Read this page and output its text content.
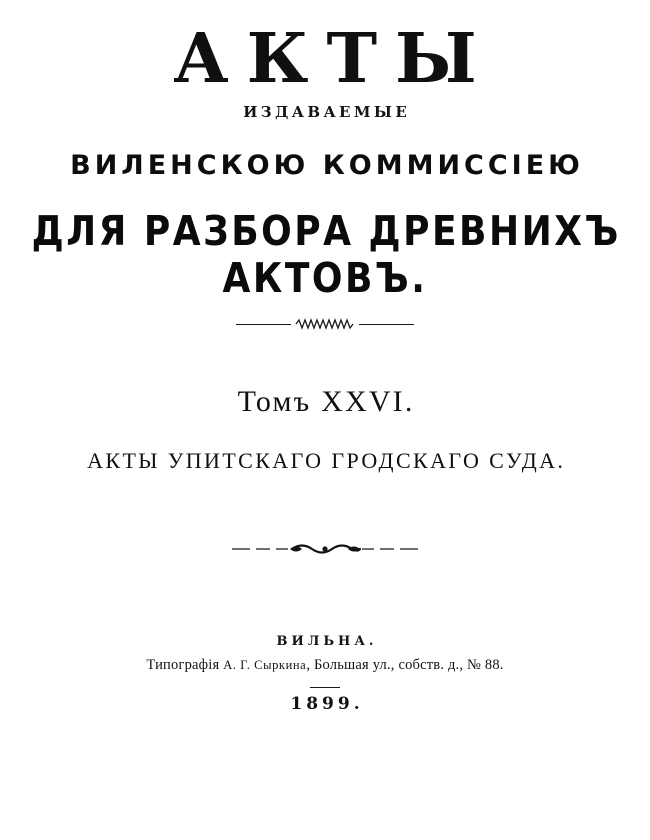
АКТЫ
ИЗДАВАЕМЫЕ
ВИЛЕНСКОЮ КОММИССІЕЮ
ДЛЯ РАЗБОРА ДРЕВНИХЪ АКТОВЪ.
Томъ XXVI.
АКТЫ УПИТСКАГО ГРОДСКАГО СУДА.
ВИЛЬНА.
Типографія А. Г. Сыркина, Большая ул., собств. д., № 88.
1899.
